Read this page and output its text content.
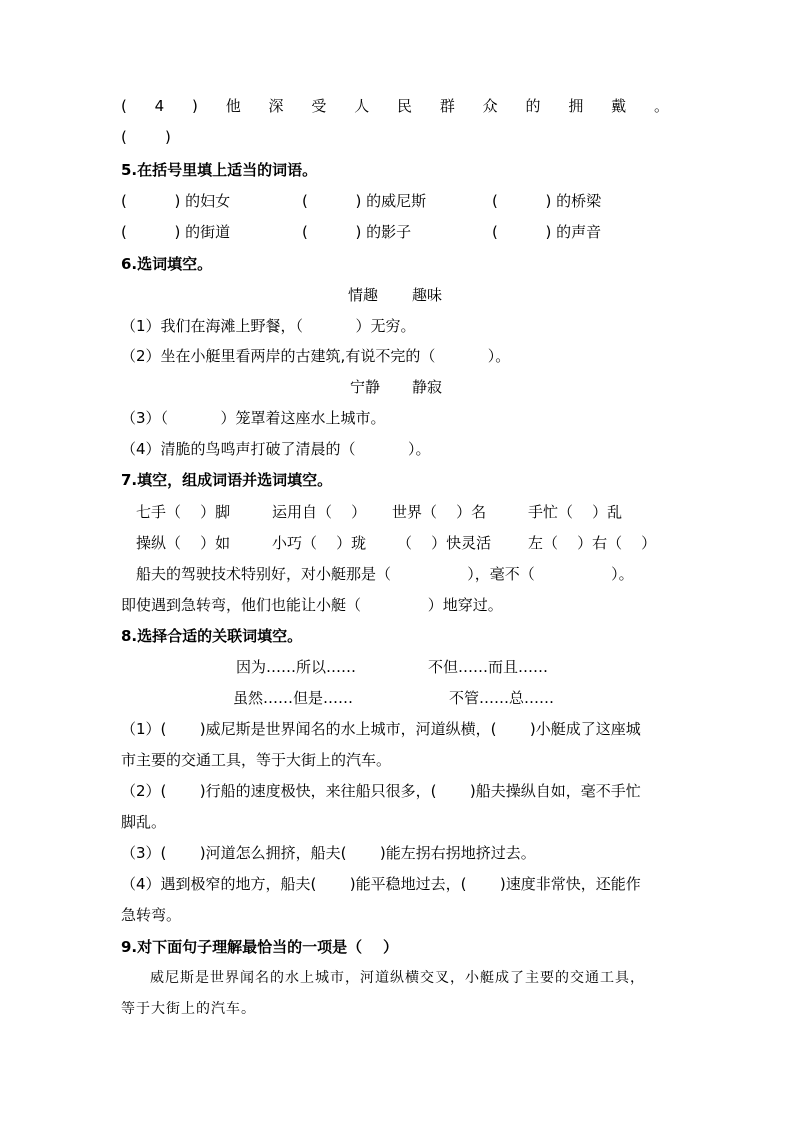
( 4 ) 他 深 受 人 民 群 众 的 拥 戴 。
(        )
5.在括号里填上适当的词语。
(          ) 的妇女	(          ) 的威尼斯	(          ) 的桥梁
(          ) 的街道	(          ) 的影子	(          ) 的声音
6.选词填空。
情趣 趣味
（1）我们在海滩上野餐，（           ）无穷。
（2）坐在小艇里看两岸的古建筑,有说不完的（           ）。
宁静 静寂
（3）（           ）笼罩着这座水上城市。
（4）清脆的鸟鸣声打破了清晨的（           ）。
7.填空，组成词语并选词填空。
七手（    ）脚	运用自（    ） 世界（    ）名	手忙（    ）乱
操纵（    ）如	小巧（    ）珑 （    ）快灵活 左（    ）右（    ）
船夫的驾驶技术特别好，对小艇那是（                ），毫不（                ）。
即使遇到急转弯，他们也能让小艇（              ）地穿过。
8.选择合适的关联词填空。
因为……所以……	不但……而且……
虽然……但是……	不管……总……
（1）(       )威尼斯是世界闻名的水上城市，河道纵横，(       )小艇成了这座城
市主要的交通工具，等于大街上的汽车。
（2）(       )行船的速度极快，来往船只很多，(       )船夫操纵自如，毫不手忙
脚乱。
（3）(       )河道怎么拥挤，船夫(       )能左拐右拐地挤过去。
（4）遇到极窄的地方，船夫(       )能平稳地过去，(       )速度非常快，还能作
急转弯。
9.对下面句子理解最恰当的一项是（    ）
威尼斯是世界闻名的水上城市，河道纵横交叉，小艇成了主要的交通工具，
等于大街上的汽车。
